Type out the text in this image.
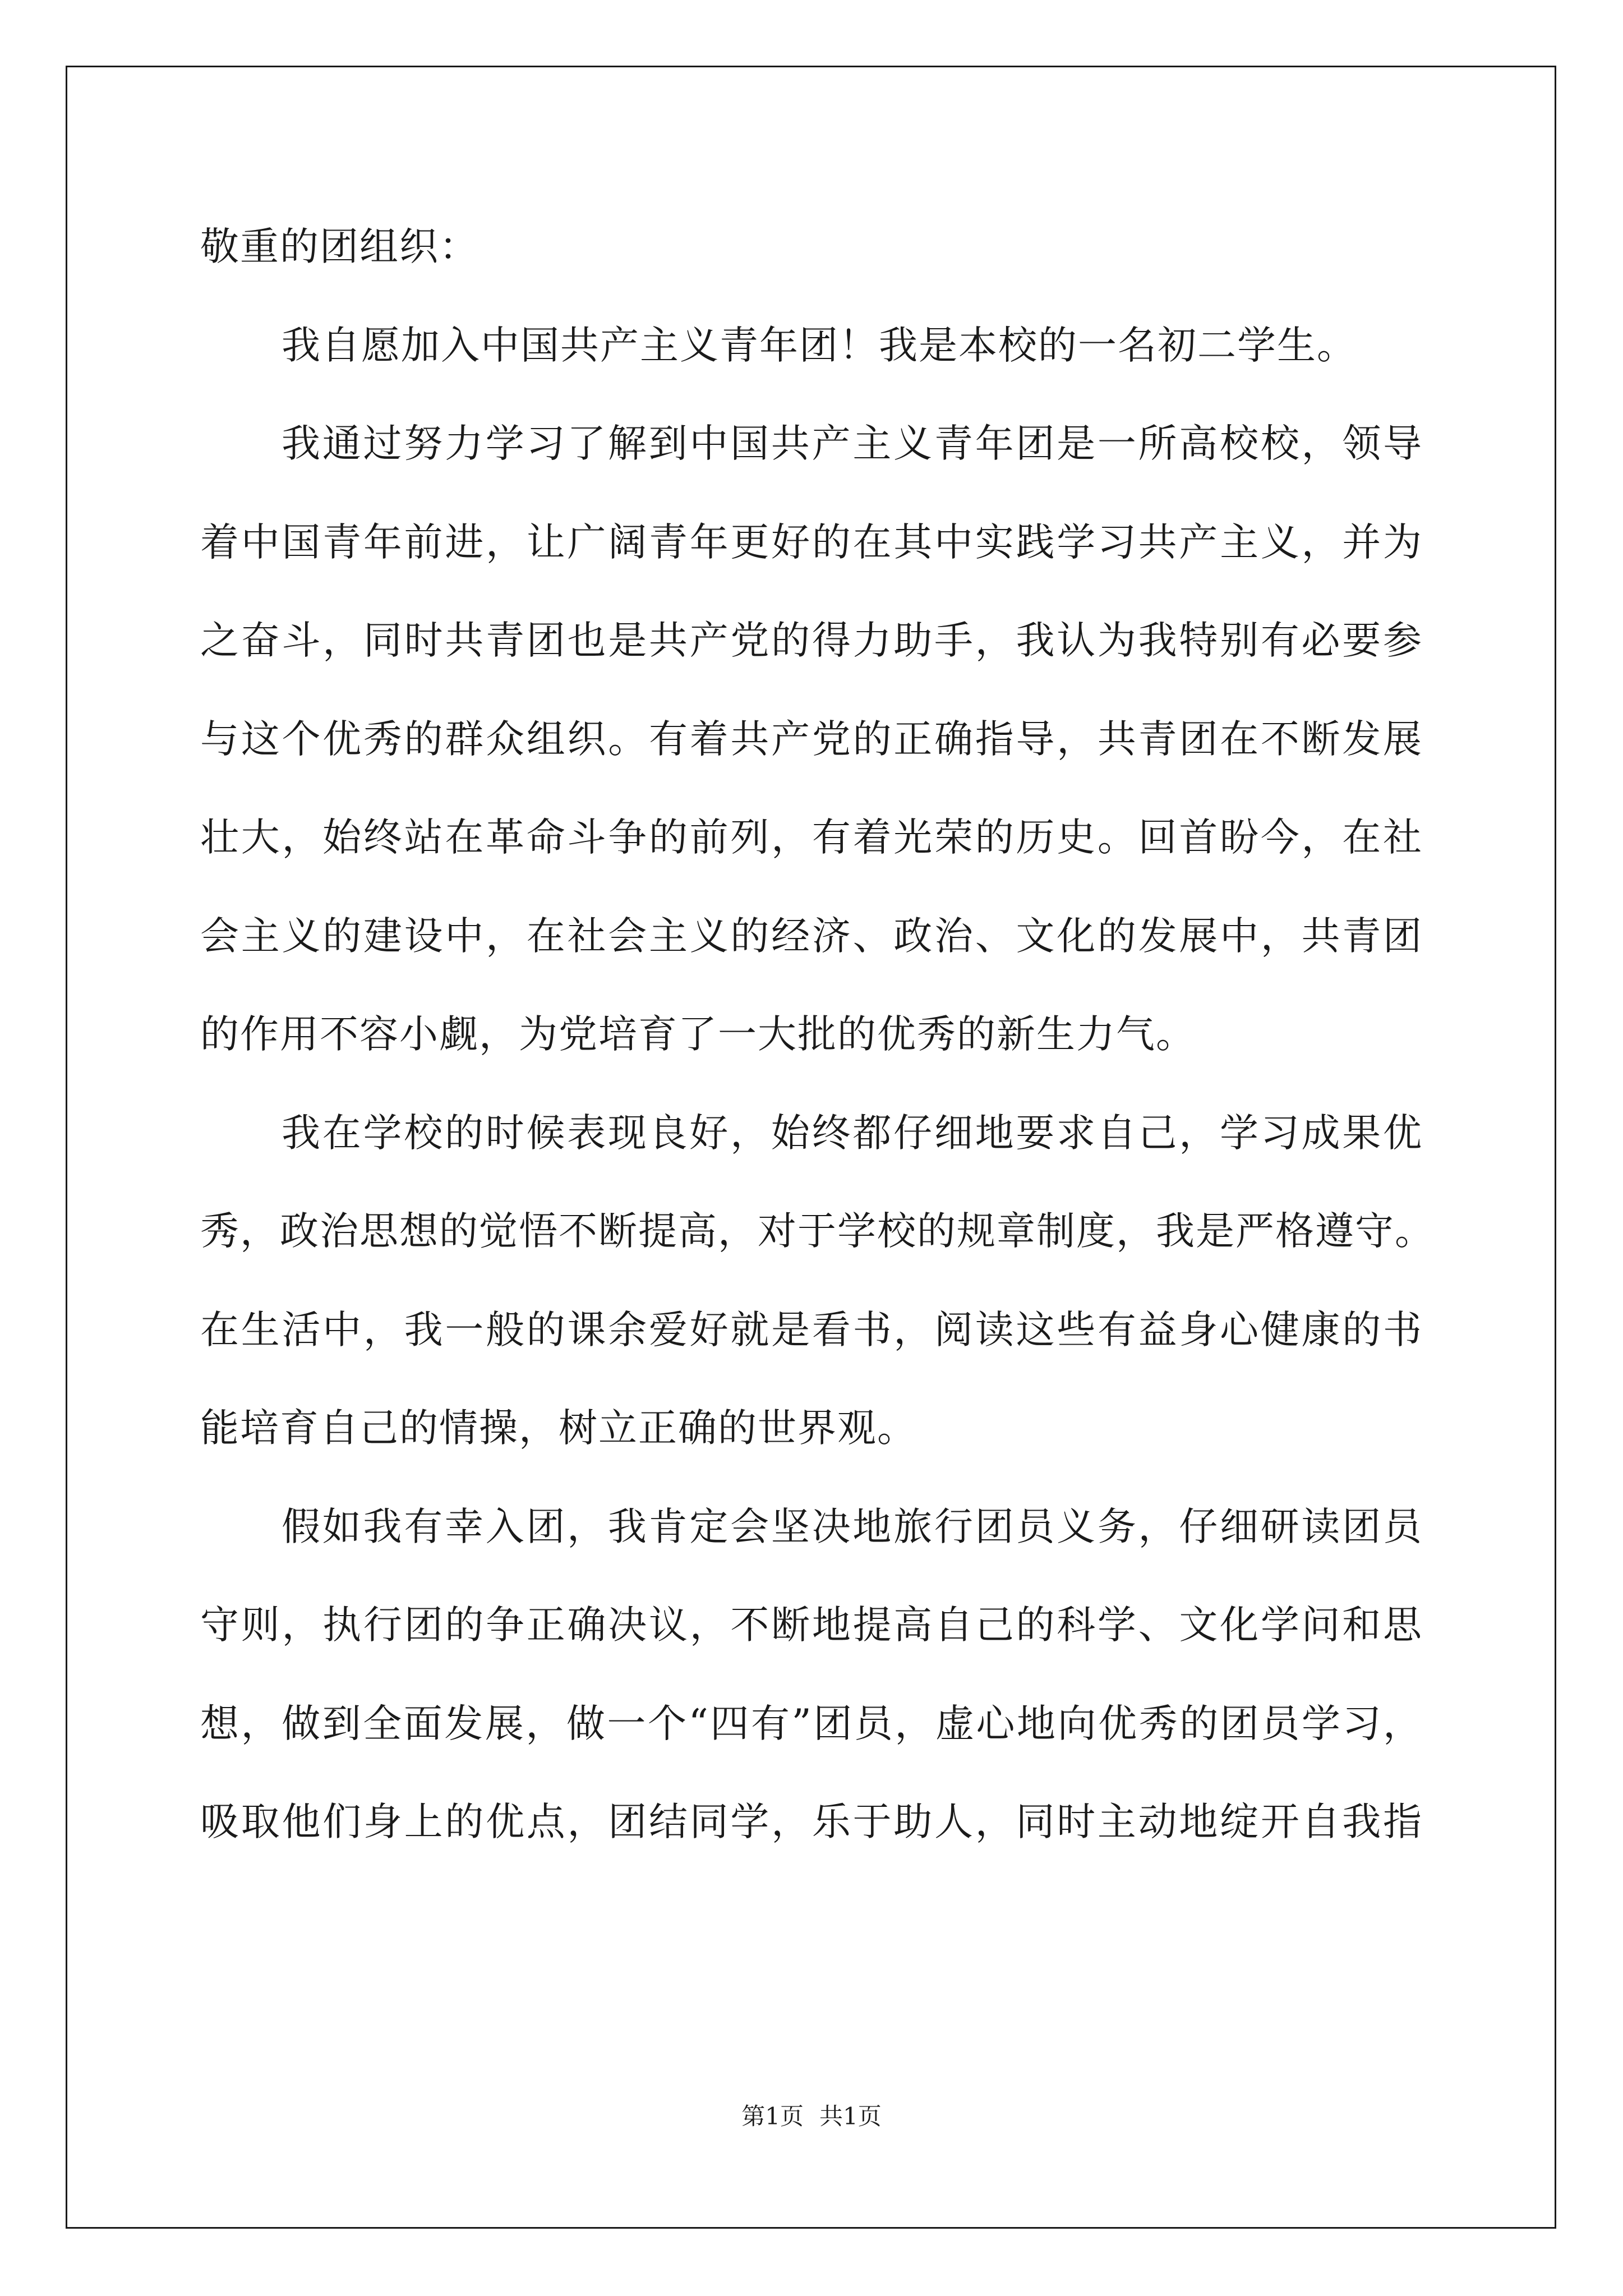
敬重的团组织：
我自愿加入中国共产主义青年团！我是本校的一名初二学生。
我通过努力学习了解到中国共产主义青年团是一所高校校，领导
着中国青年前进，让广阔青年更好的在其中实践学习共产主义，并为
之奋斗，同时共青团也是共产党的得力助手，我认为我特别有必要参
与这个优秀的群众组织。有着共产党的正确指导，共青团在不断发展
壮大，始终站在革命斗争的前列，有着光荣的历史。回首盼今，在社
会主义的建设中，在社会主义的经济、政治、文化的发展中，共青团
的作用不容小觑，为党培育了一大批的优秀的新生力气。
我在学校的时候表现良好，始终都仔细地要求自己，学习成果优
秀，政治思想的觉悟不断提高，对于学校的规章制度，我是严格遵守。
在生活中，我一般的课余爱好就是看书，阅读这些有益身心健康的书
能培育自己的情操，树立正确的世界观。
假如我有幸入团，我肯定会坚决地旅行团员义务，仔细研读团员
守则，执行团的争正确决议，不断地提高自己的科学、文化学问和思
想，做到全面发展，做一个“四有”团员，虚心地向优秀的团员学习，
吸取他们身上的优点，团结同学，乐于助人，同时主动地绽开自我指
第1页 共1页
